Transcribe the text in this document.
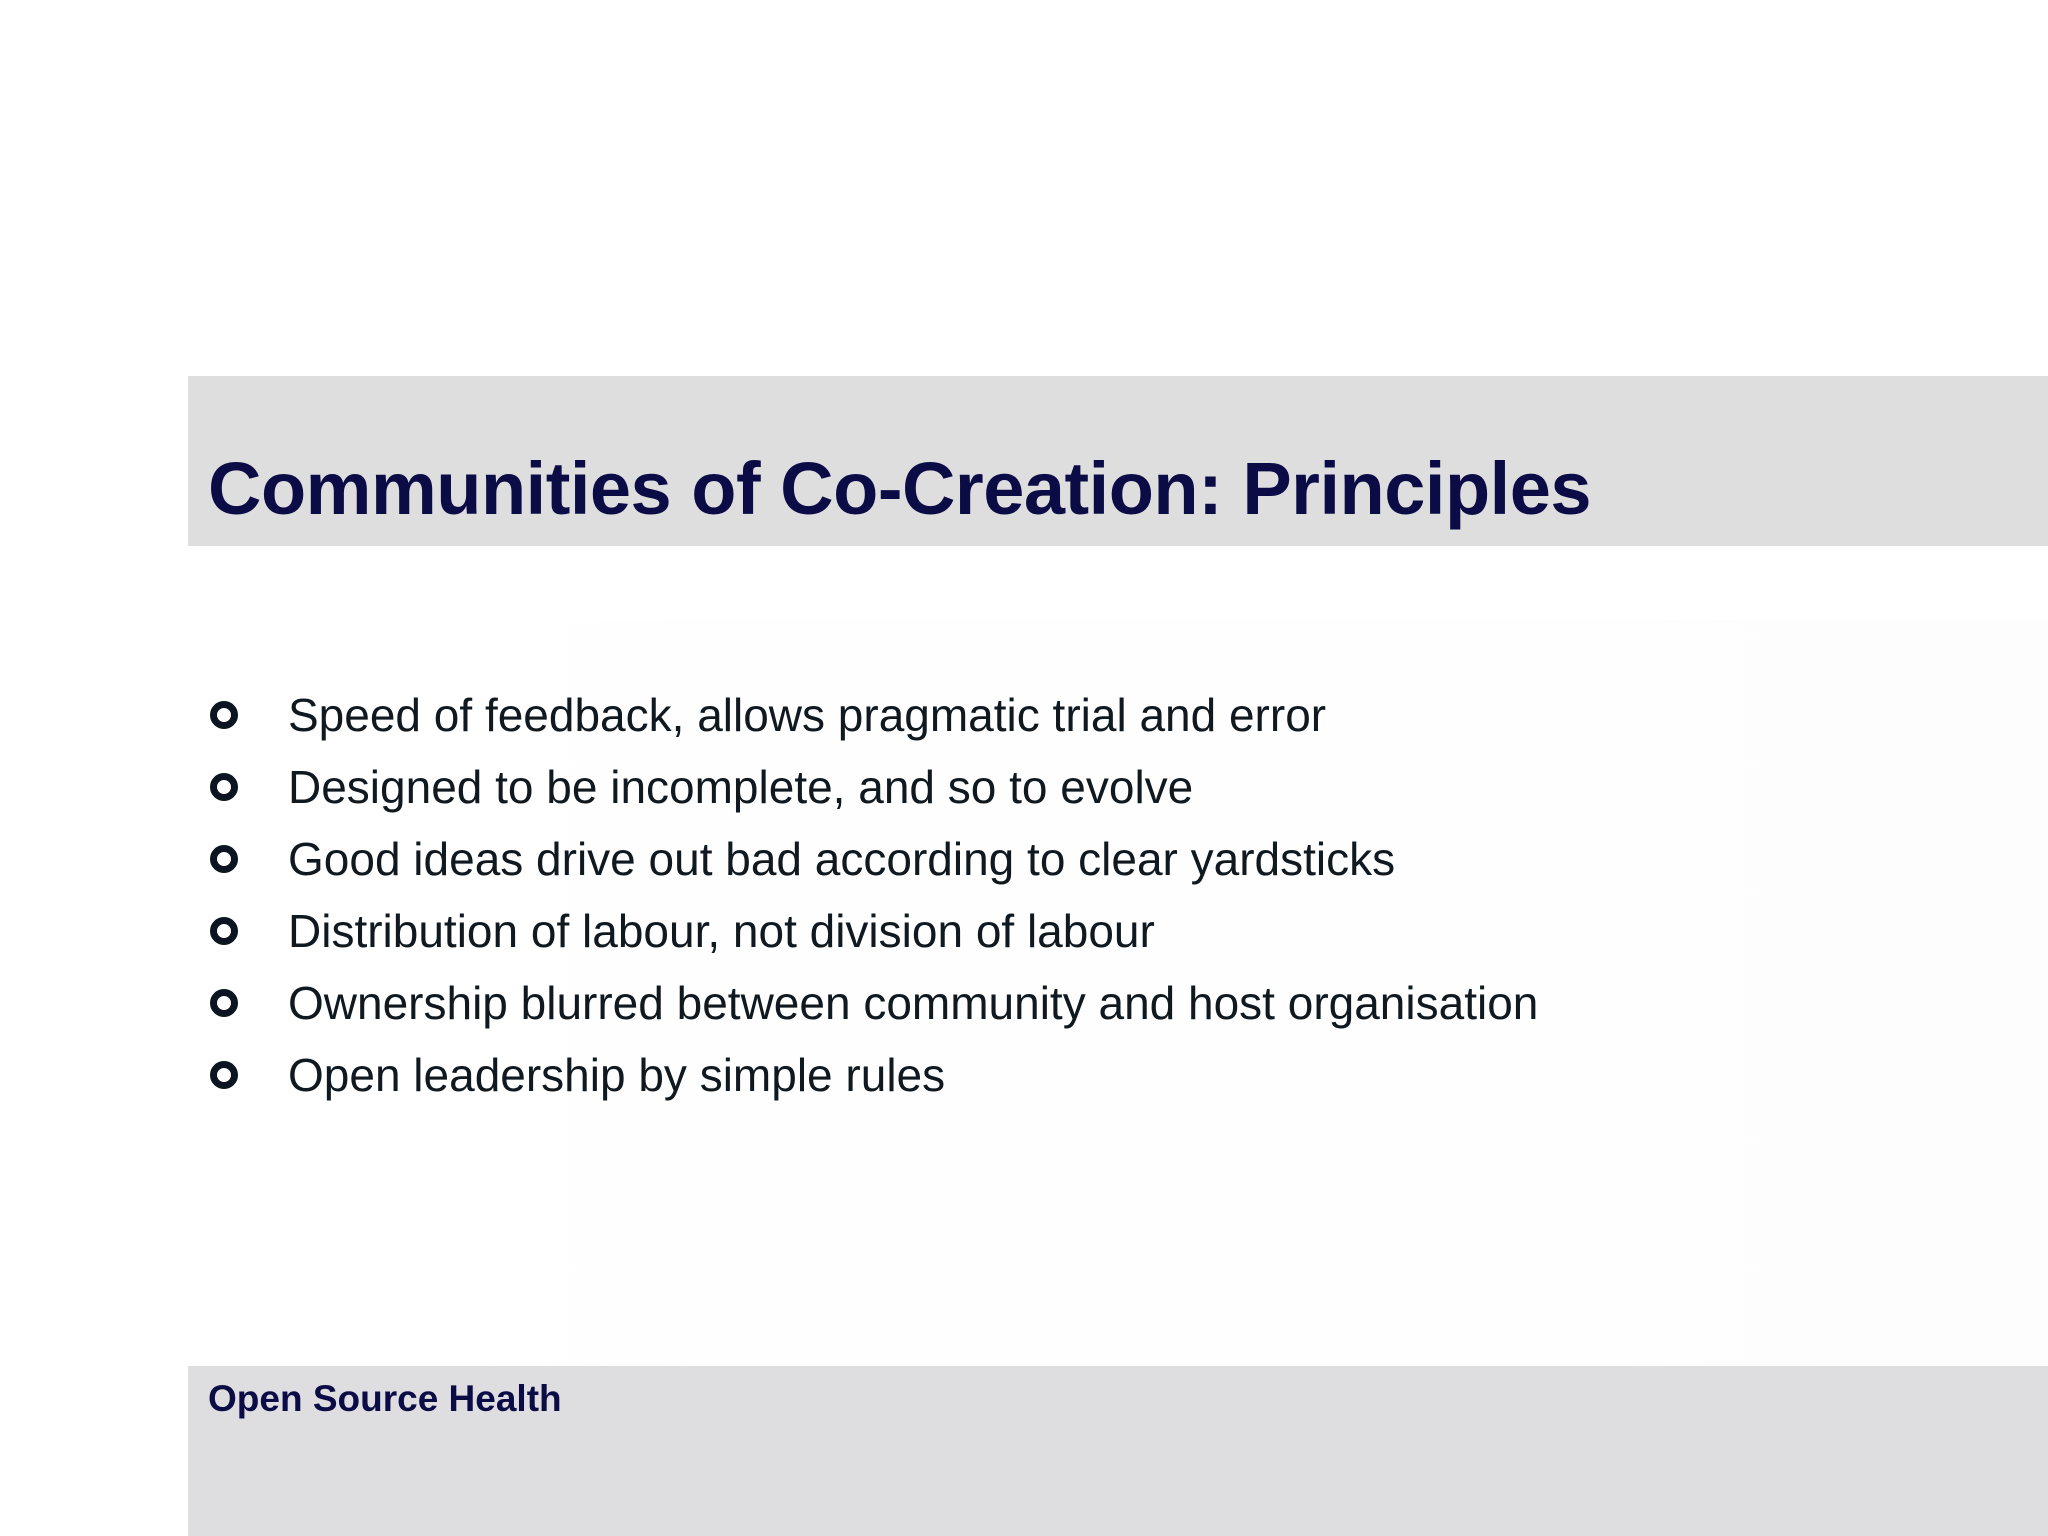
Communities of Co-Creation: Principles
Speed of feedback, allows pragmatic trial and error
Designed to be incomplete, and so to evolve
Good ideas drive out bad according to clear yardsticks
Distribution of labour, not division of labour
Ownership blurred between community and host organisation
Open leadership by simple rules

Open Source Health
